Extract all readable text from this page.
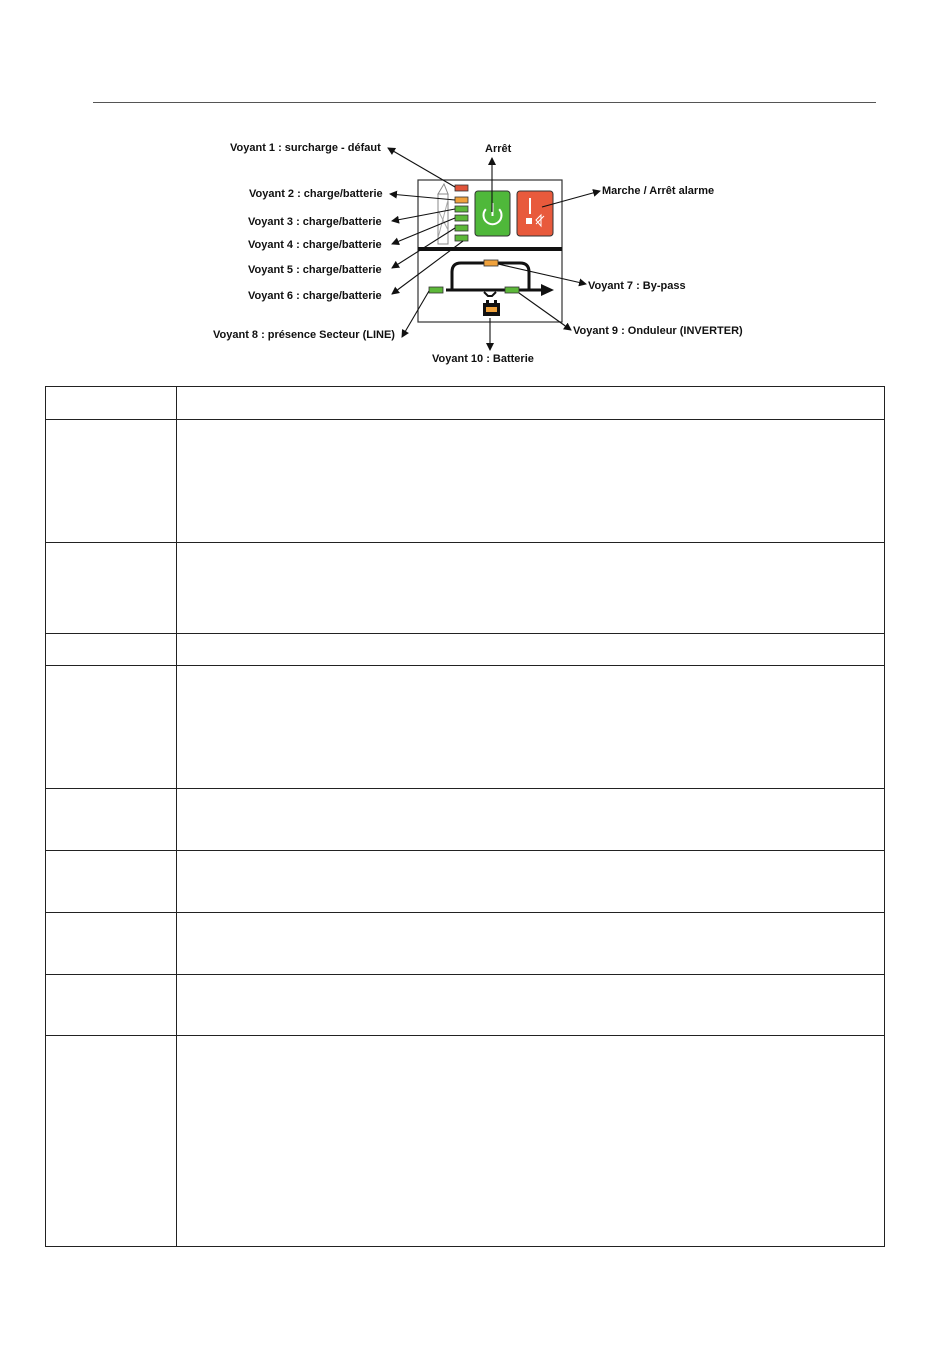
Voyant 1 : surcharge - défaut	Arrêt
Voyant 2 : charge/batterie	Marche / Arrêt alarme
Voyant 3 : charge/batterie
Voyant 4 : charge/batterie
Voyant 5 : charge/batterie
Voyant 7 : By-pass
Voyant 6 : charge/batterie
Voyant 8 : présence Secteur (LINE)	Voyant 9 : Onduleur (INVERTER)
Voyant 10 : Batterie
